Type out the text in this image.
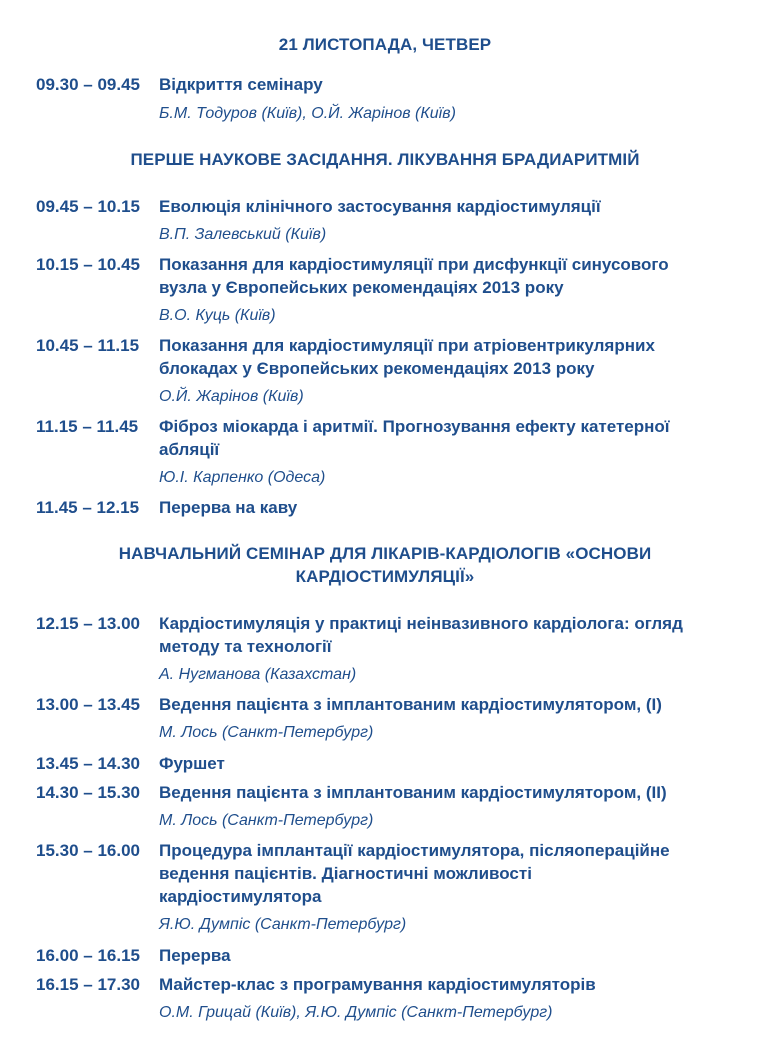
21 ЛИСТОПАДА, ЧЕТВЕР
09.30 – 09.45	Відкриття семінару
Б.М. Тодуров (Київ), О.Й. Жарінов (Київ)
ПЕРШЕ НАУКОВЕ ЗАСІДАННЯ. ЛІКУВАННЯ БРАДИАРИТМІЙ
09.45 – 10.15	Еволюція клінічного застосування кардіостимуляції
В.П. Залевський (Київ)
10.15 – 10.45	Показання для кардіостимуляції при дисфункції синусового
вузла у Європейських рекомендаціях 2013 року
В.О. Куць (Київ)
10.45 – 11.15	Показання для кардіостимуляції при атріовентрикулярних
блокадах у Європейських рекомендаціях 2013 року
О.Й. Жарінов (Київ)
11.15 – 11.45	Фіброз міокарда і аритмії. Прогнозування ефекту катетерної
абляції
Ю.І. Карпенко (Одеса)
11.45 – 12.15	Перерва на каву
НАВЧАЛЬНИЙ СЕМІНАР ДЛЯ ЛІКАРІВ-КАРДІОЛОГІВ «ОСНОВИ
КАРДІОСТИМУЛЯЦІЇ»
12.15 – 13.00	Кардіостимуляція у практиці неінвазивного кардіолога: огляд
методу та технології
А. Нугманова (Казахстан)
13.00 – 13.45	Ведення пацієнта з імплантованим кардіостимулятором, (I)
М. Лось (Санкт-Петербург)
13.45 – 14.30	Фуршет
14.30 – 15.30	Ведення пацієнта з імплантованим кардіостимулятором, (II)
М. Лось (Санкт-Петербург)
15.30 – 16.00	Процедура імплантації кардіостимулятора, післяопераційне
ведення пацієнтів. Діагностичні можливості
кардіостимулятора
Я.Ю. Думпіс (Санкт-Петербург)
16.00 – 16.15	Перерва
16.15 – 17.30	Майстер-клас з програмування кардіостимуляторів
О.М. Грицай (Київ), Я.Ю. Думпіс (Санкт-Петербург)
